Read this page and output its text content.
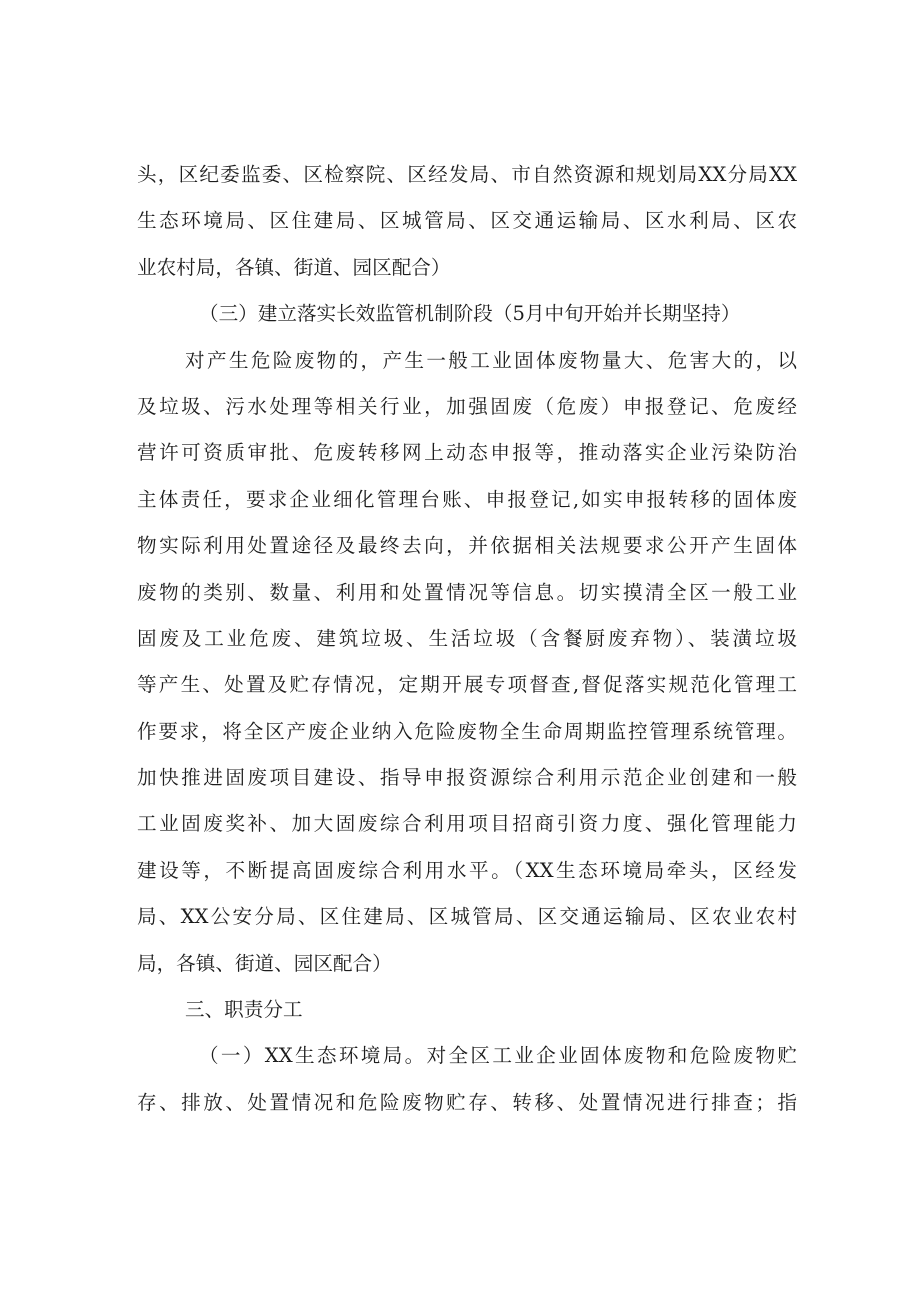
头，区纪委监委、区检察院、区经发局、市自然资源和规划局XX分局XX
生态环境局、区住建局、区城管局、区交通运输局、区水利局、区农
业农村局，各镇、街道、园区配合）
（三）建立落实长效监管机制阶段（5月中旬开始并长期坚持）
对产生危险废物的，产生一般工业固体废物量大、危害大的，以
及垃圾、污水处理等相关行业，加强固废（危废）申报登记、危废经
营许可资质审批、危废转移网上动态申报等，推动落实企业污染防治
主体责任，要求企业细化管理台账、申报登记,如实申报转移的固体废
物实际利用处置途径及最终去向，并依据相关法规要求公开产生固体
废物的类别、数量、利用和处置情况等信息。切实摸清全区一般工业
固废及工业危废、建筑垃圾、生活垃圾（含餐厨废弃物）、装潢垃圾
等产生、处置及贮存情况，定期开展专项督查,督促落实规范化管理工
作要求，将全区产废企业纳入危险废物全生命周期监控管理系统管理。
加快推进固废项目建设、指导申报资源综合利用示范企业创建和一般
工业固废奖补、加大固废综合利用项目招商引资力度、强化管理能力
建设等，不断提高固废综合利用水平。（XX生态环境局牵头，区经发
局、XX公安分局、区住建局、区城管局、区交通运输局、区农业农村
局，各镇、街道、园区配合）
三、职责分工
（一）XX生态环境局。对全区工业企业固体废物和危险废物贮
存、排放、处置情况和危险废物贮存、转移、处置情况进行排查；指
